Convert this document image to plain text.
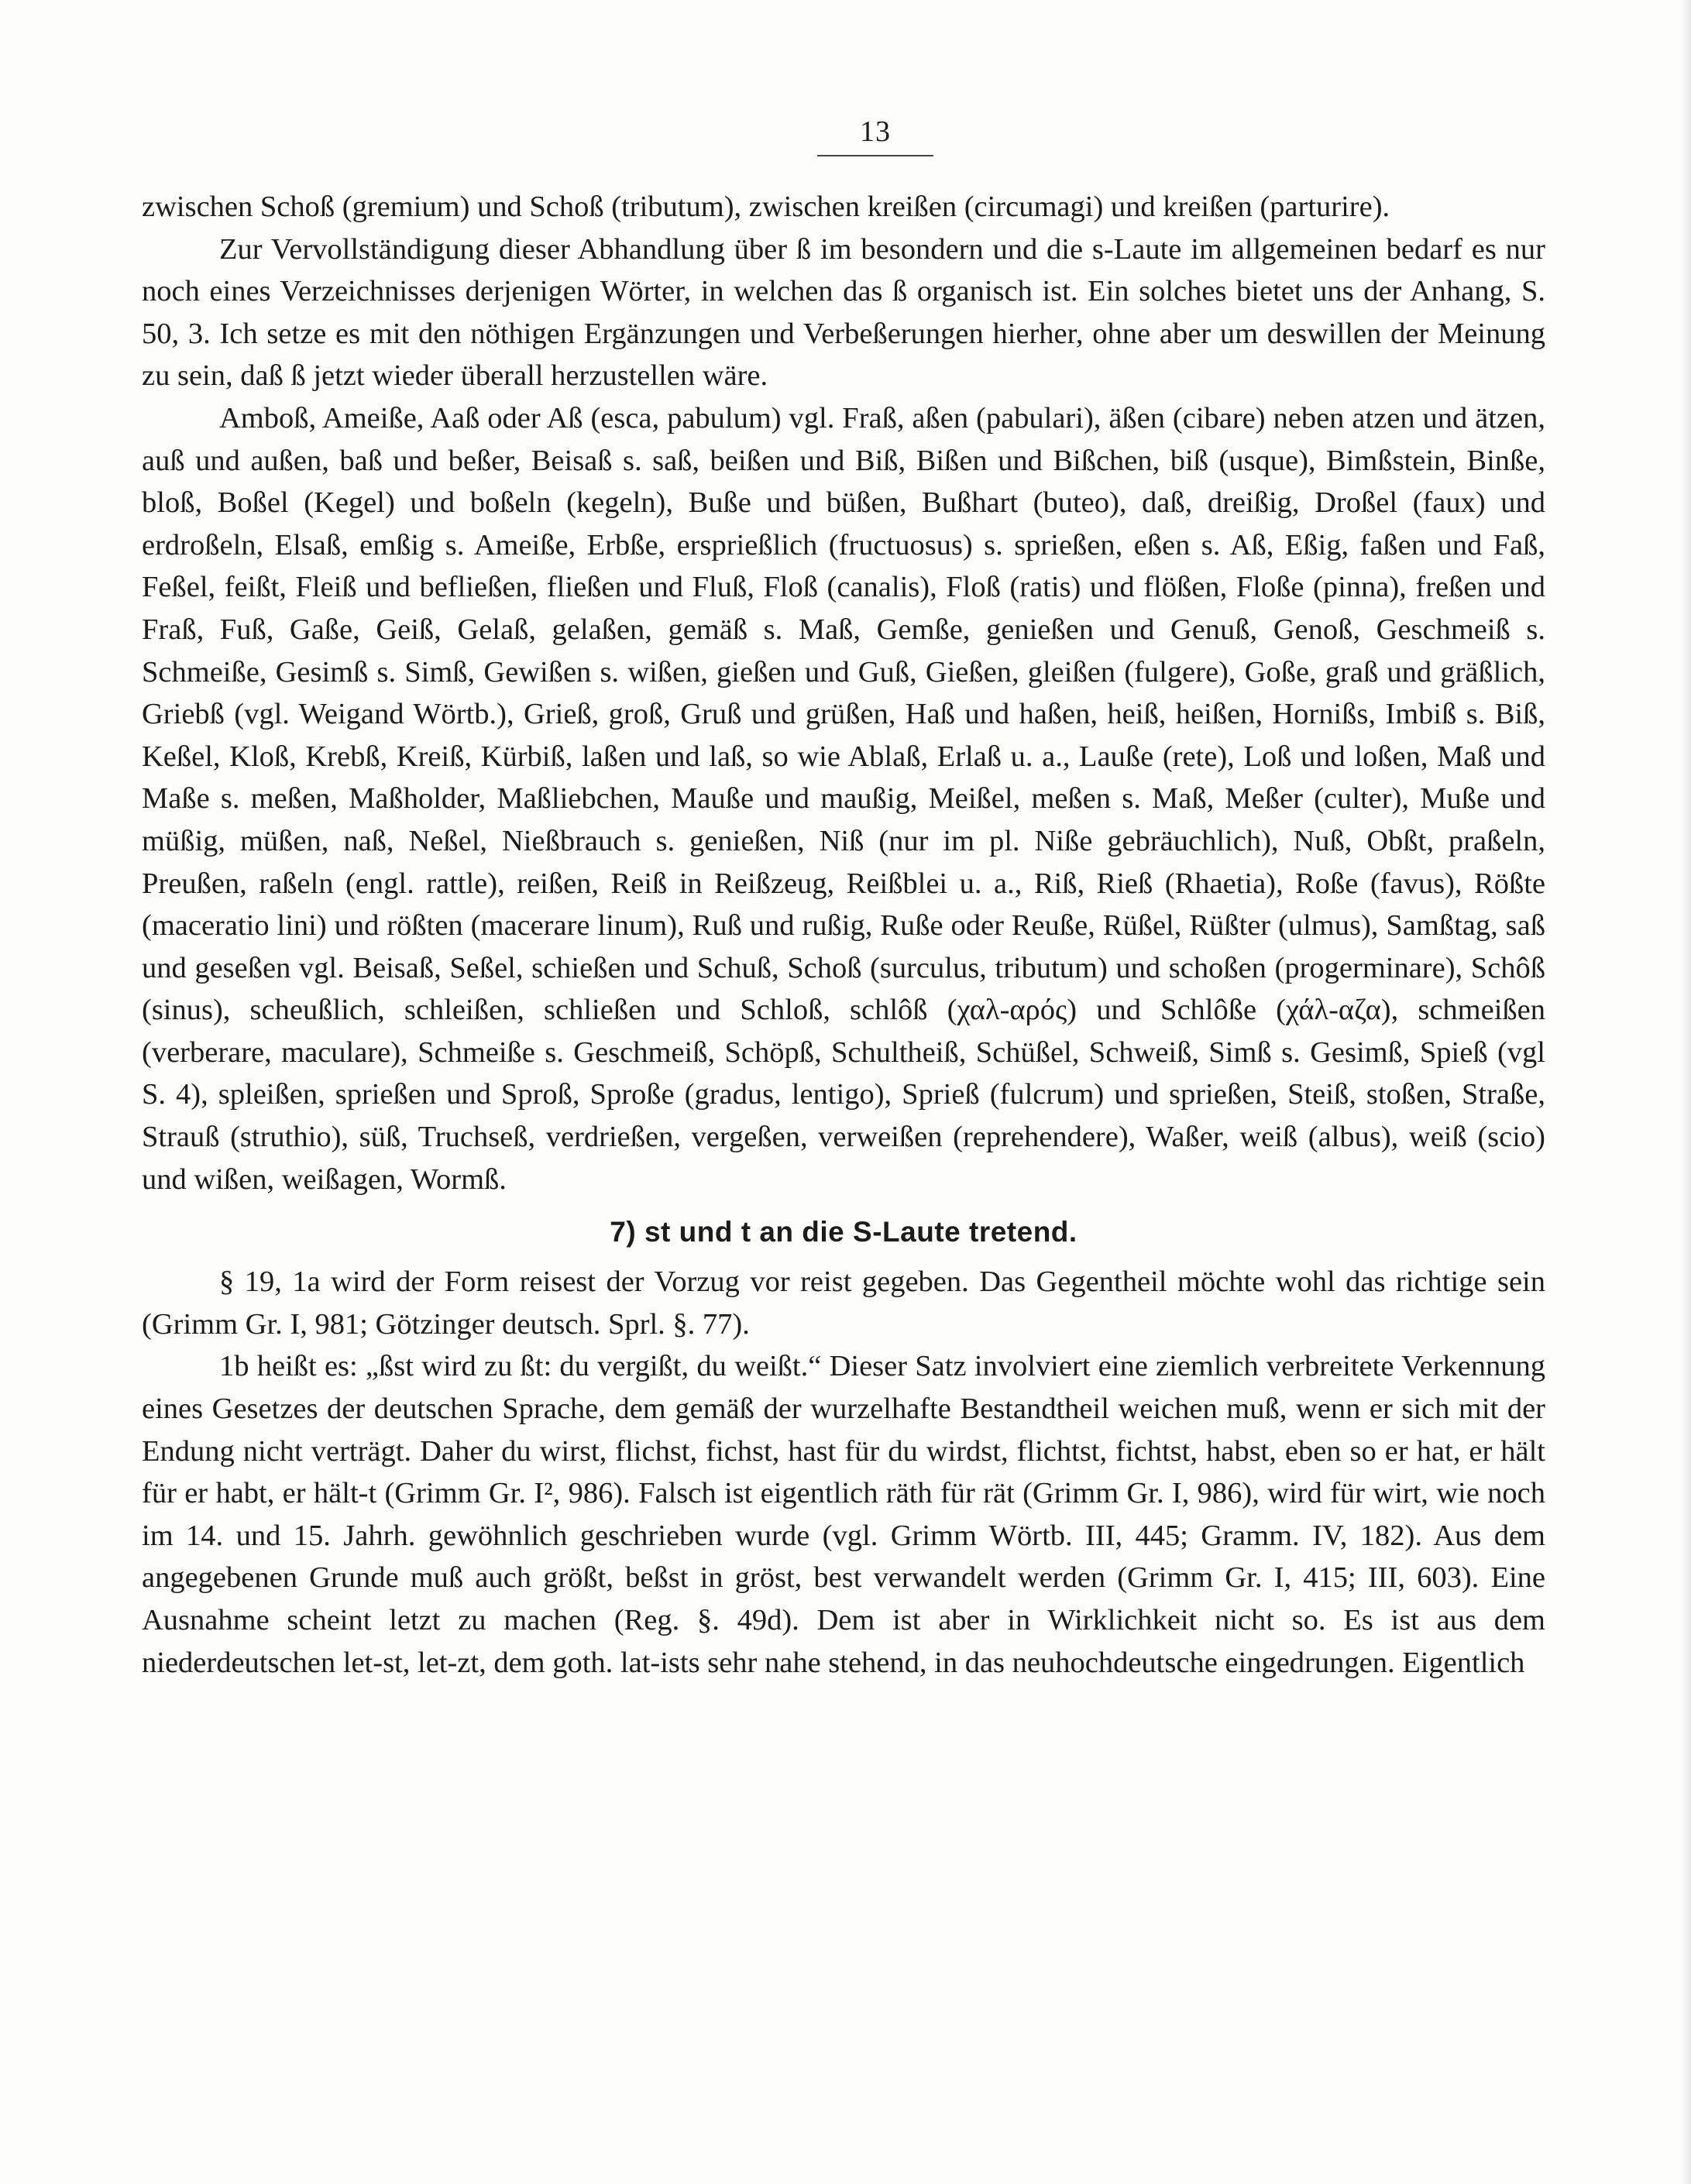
13

zwischen Schoß (gremium) und Schoß (tributum), zwischen kreißen (circumagi) und kreißen (parturire).

Zur Vervollständigung dieser Abhandlung über ß im besondern und die s-Laute im allgemeinen bedarf es nur noch eines Verzeichnisses derjenigen Wörter, in welchen das ß organisch ist. Ein solches bietet uns der Anhang, S. 50, 3. Ich setze es mit den nöthigen Ergänzungen und Verbeßerungen hierher, ohne aber um deswillen der Meinung zu sein, daß ß jetzt wieder überall herzustellen wäre.

Amboß, Ameiße, Aaß oder Aß (esca, pabulum) vgl. Fraß, aßen (pabulari), äßen (cibare) neben atzen und ätzen, auß und außen, baß und beßer, Beisaß s. saß, beißen und Biß, Bißen und Bißchen, biß (usque), Bimßstein, Binße, bloß, Boßel (Kegel) und boßeln (kegeln), Buße und büßen, Bußhart (buteo), daß, dreißig, Droßel (faux) und erdroßeln, Elsaß, emßig s. Ameiße, Erbße, ersprießlich (fructuosus) s. sprießen, eßen s. Aß, Eßig, faßen und Faß, Feßel, feißt, Fleiß und befließen, fließen und Fluß, Floß (canalis), Floß (ratis) und flößen, Floße (pinna), freßen und Fraß, Fuß, Gaße, Geiß, Gelaß, gelaßen, gemäß s. Maß, Gemße, genießen und Genuß, Genoß, Geschmeiß s. Schmeiße, Gesimß s. Simß, Gewißen s. wißen, gießen und Guß, Gießen, gleißen (fulgere), Goße, graß und gräßlich, Griebß (vgl. Weigand Wörtb.), Grieß, groß, Gruß und grüßen, Haß und haßen, heiß, heißen, Hornißs, Imbiß s. Biß, Keßel, Kloß, Krebß, Kreiß, Kürbiß, laßen und laß, so wie Ablaß, Erlaß u. a., Lauße (rete), Loß und loßen, Maß und Maße s. meßen, Maßholder, Maßliebchen, Mauße und maußig, Meißel, meßen s. Maß, Meßer (culter), Muße und müßig, müßen, naß, Neßel, Nießbrauch s. genießen, Niß (nur im pl. Niße gebräuchlich), Nuß, Obßt, praßeln, Preußen, raßeln (engl. rattle), reißen, Reiß in Reißzeug, Reißblei u. a., Riß, Rieß (Rhaetia), Roße (favus), Rößte (maceratio lini) und rößten (macerare linum), Ruß und rußig, Ruße oder Reuße, Rüßel, Rüßter (ulmus), Samßtag, saß und geseßen vgl. Beisaß, Seßel, schießen und Schuß, Schoß (surculus, tributum) und schoßen (progerminare), Schôß (sinus), scheußlich, schleißen, schließen und Schloß, schlôß (χαλ-αρός) und Schlôße (χάλ-αζα), schmeißen (verberare, maculare), Schmeiße s. Geschmeiß, Schöpß, Schultheiß, Schüßel, Schweiß, Simß s. Gesimß, Spieß (vgl S. 4), spleißen, sprießen und Sproß, Sproße (gradus, lentigo), Sprieß (fulcrum) und sprießen, Steiß, stoßen, Straße, Strauß (struthio), süß, Truchseß, verdrießen, vergeßen, verweißen (reprehendere), Waßer, weiß (albus), weiß (scio) und wißen, weißagen, Wormß.

7) st und t an die S-Laute tretend.

§ 19, 1a wird der Form reisest der Vorzug vor reist gegeben. Das Gegentheil möchte wohl das richtige sein (Grimm Gr. I, 981; Götzinger deutsch. Sprl. §. 77).

1b heißt es: „ßst wird zu ßt: du vergißt, du weißt.“ Dieser Satz involviert eine ziemlich verbreitete Verkennung eines Gesetzes der deutschen Sprache, dem gemäß der wurzelhafte Bestandtheil weichen muß, wenn er sich mit der Endung nicht verträgt. Daher du wirst, flichst, fichst, hast für du wirdst, flichtst, fichtst, habst, eben so er hat, er hält für er habt, er hält-t (Grimm Gr. I², 986). Falsch ist eigentlich räth für rät (Grimm Gr. I, 986), wird für wirt, wie noch im 14. und 15. Jahrh. gewöhnlich geschrieben wurde (vgl. Grimm Wörtb. III, 445; Gramm. IV, 182). Aus dem angegebenen Grunde muß auch größt, beßst in gröst, best verwandelt werden (Grimm Gr. I, 415; III, 603). Eine Ausnahme scheint letzt zu machen (Reg. §. 49d). Dem ist aber in Wirklichkeit nicht so. Es ist aus dem niederdeutschen let-st, let-zt, dem goth. lat-ists sehr nahe stehend, in das neuhochdeutsche eingedrungen. Eigentlich
